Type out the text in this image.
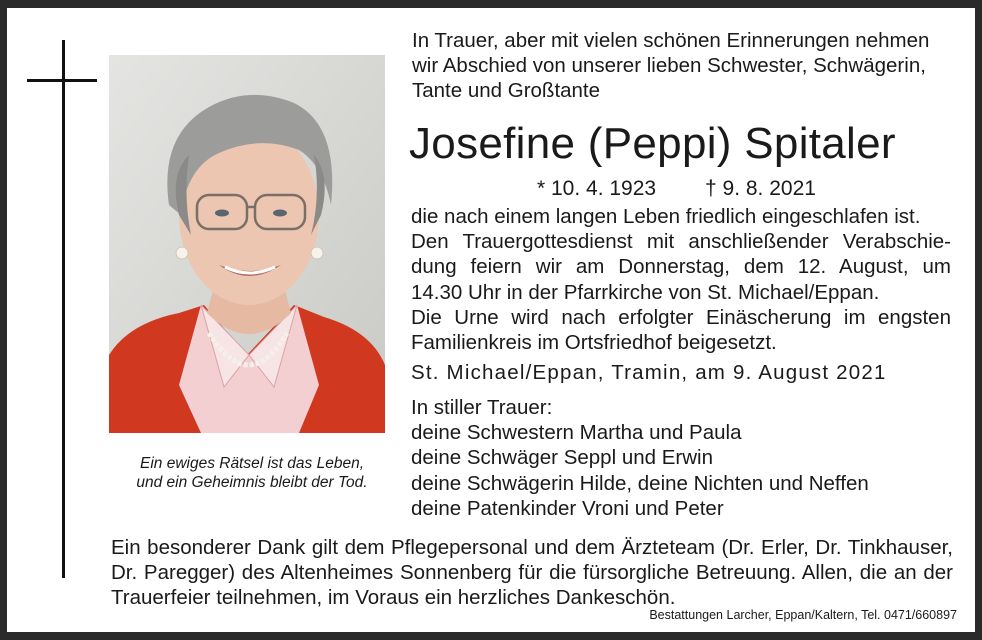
Ein ewiges Rätsel ist das Leben,
und ein Geheimnis bleibt der Tod.
In Trauer, aber mit vielen schönen Erinnerungen nehmen
wir Abschied von unserer lieben Schwester, Schwägerin,
Tante und Großtante
Josefine (Peppi) Spitaler
* 10. 4. 1923 † 9. 8. 2021
die nach einem langen Leben friedlich eingeschlafen ist.
Den Trauergottesdienst mit anschließender Verabschie-
dung feiern wir am Donnerstag, dem 12. August, um
14.30 Uhr in der Pfarrkirche von St. Michael/Eppan.
Die Urne wird nach erfolgter Einäscherung im engsten
Familienkreis im Ortsfriedhof beigesetzt.
St. Michael/Eppan, Tramin, am 9. August 2021
In stiller Trauer:
deine Schwestern Martha und Paula
deine Schwäger Seppl und Erwin
deine Schwägerin Hilde, deine Nichten und Neffen
deine Patenkinder Vroni und Peter
Ein besonderer Dank gilt dem Pflegepersonal und dem Ärzteteam (Dr. Erler, Dr. Tinkhauser,
Dr. Paregger) des Altenheimes Sonnenberg für die fürsorgliche Betreuung. Allen, die an der
Trauerfeier teilnehmen, im Voraus ein herzliches Dankeschön.
Bestattungen Larcher, Eppan/Kaltern, Tel. 0471/660897
